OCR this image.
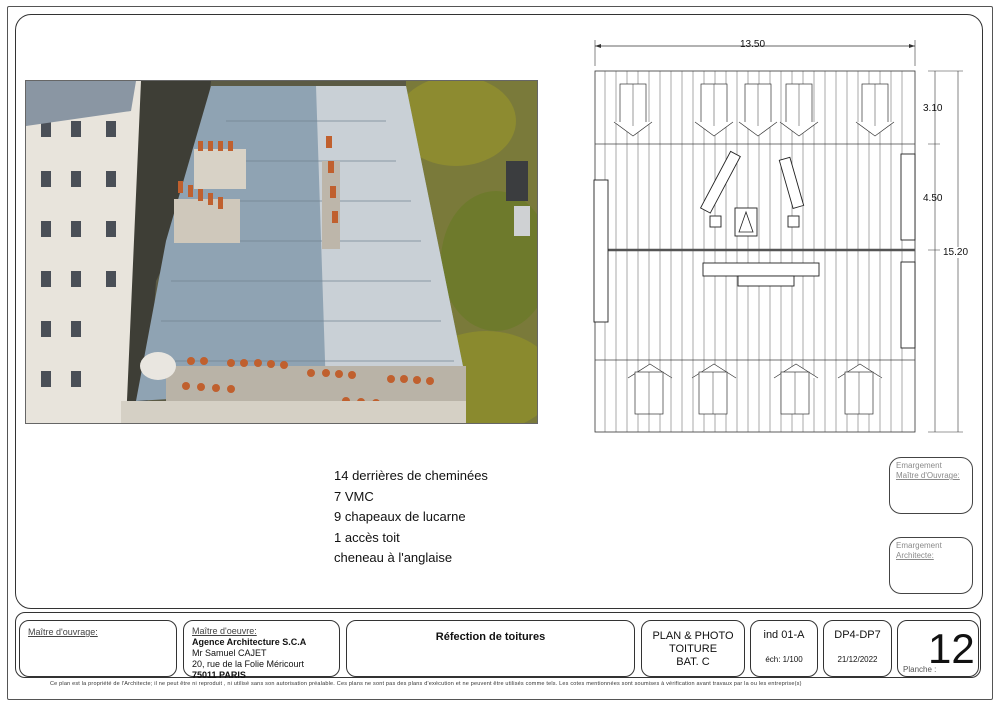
13.50
3.10
4.50
15.20
14 derrières de cheminées
7 VMC
9 chapeaux de lucarne
1 accès toit
cheneau à l'anglaise
Emargement
Maître d'Ouvrage:
Emargement
Architecte:
Maître d'ouvrage:	Maître d'oeuvre:
Agence Architecture S.C.A
Mr Samuel CAJET
20, rue de la Folie Méricourt
75011 PARIS
Réfection de toitures	PLAN & PHOTO
TOITURE
BAT. C
ind 01-A
éch: 1/100
DP4-DP7
21/12/2022
Planche :
12
Ce plan est la propriété de l'Architecte; il ne peut être ni reproduit , ni utilisé sans son autorisation préalable. Ces plans ne sont pas des plans d'exécution et ne peuvent être utilisés comme tels. Les cotes mentionnées sont soumises à vérification avant travaux par la ou les entreprise(s)
